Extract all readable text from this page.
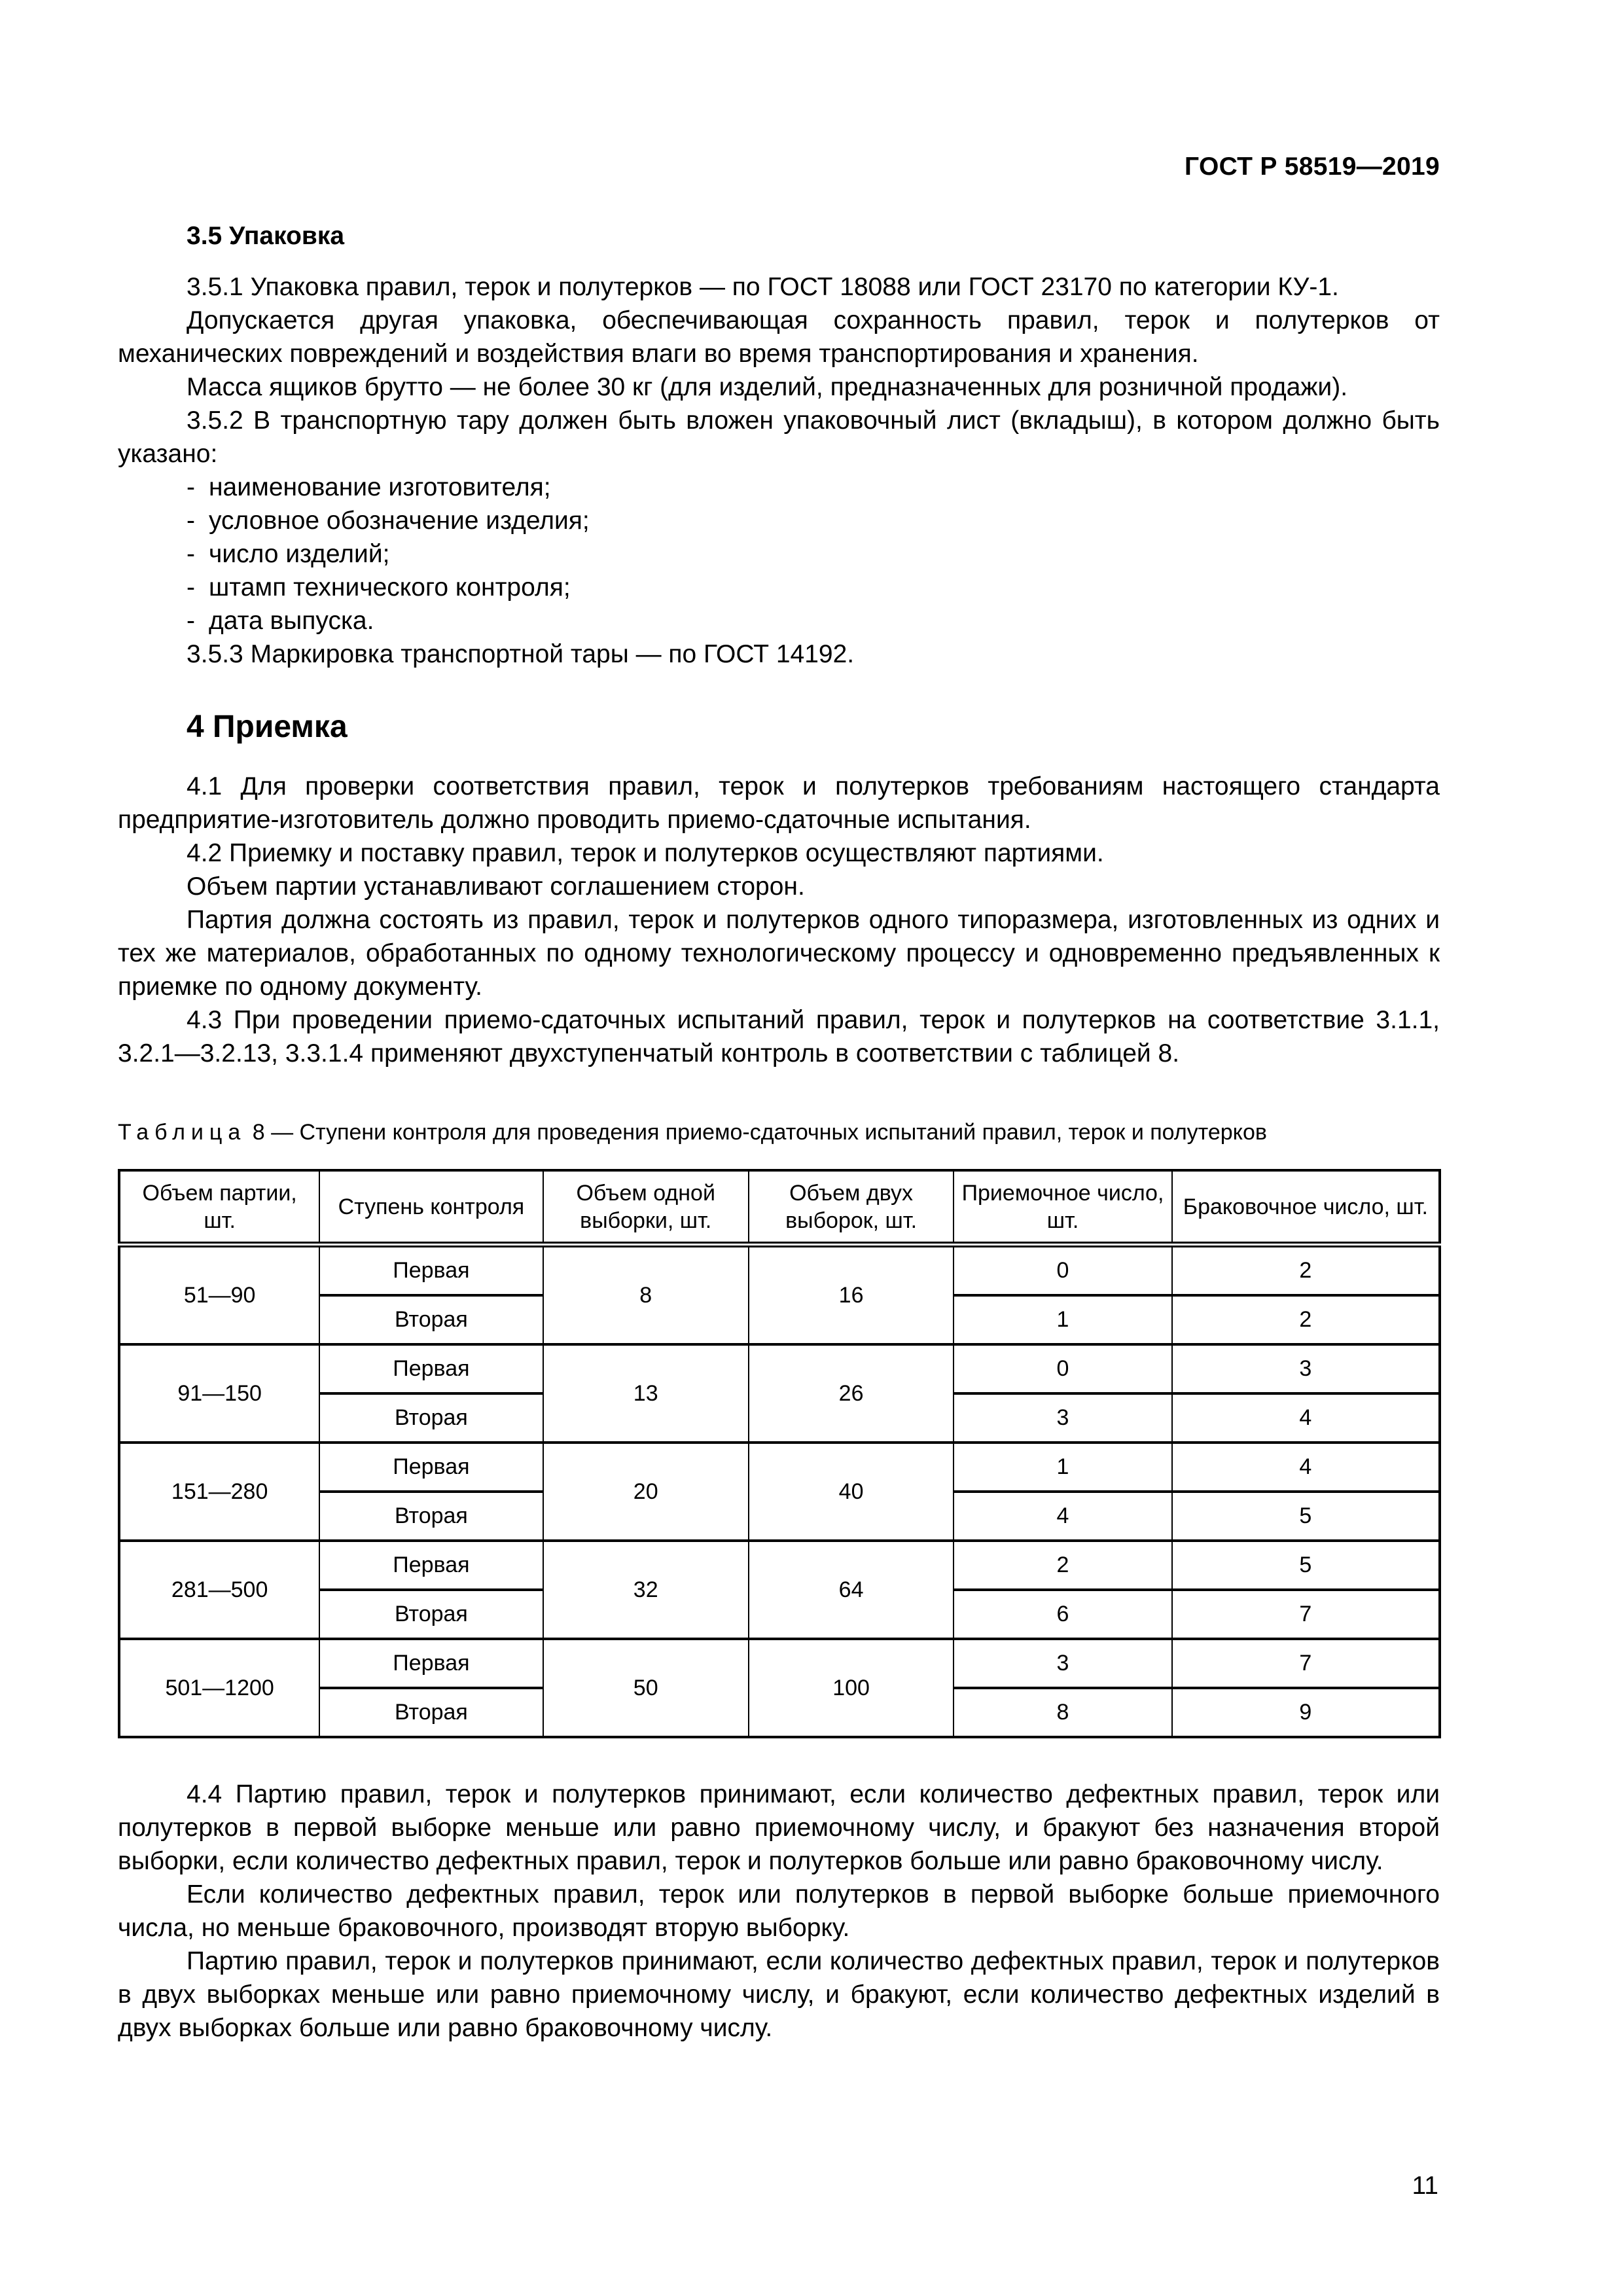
ГОСТ Р 58519—2019
3.5 Упаковка

3.5.1 Упаковка правил, терок и полутерков — по ГОСТ 18088 или ГОСТ 23170 по категории КУ-1.

Допускается другая упаковка, обеспечивающая сохранность правил, терок и полутерков от механических повреждений и воздействия влаги во время транспортирования и хранения.

Масса ящиков брутто — не более 30 кг (для изделий, предназначенных для розничной продажи).

3.5.2 В транспортную тару должен быть вложен упаковочный лист (вкладыш), в котором должно быть указано:

- наименование изготовителя;
- условное обозначение изделия;
- число изделий;
- штамп технического контроля;
- дата выпуска.

3.5.3 Маркировка транспортной тары — по ГОСТ 14192.

4 Приемка

4.1 Для проверки соответствия правил, терок и полутерков требованиям настоящего стандарта предприятие-изготовитель должно проводить приемо-сдаточные испытания.

4.2 Приемку и поставку правил, терок и полутерков осуществляют партиями.

Объем партии устанавливают соглашением сторон.

Партия должна состоять из правил, терок и полутерков одного типоразмера, изготовленных из одних и тех же материалов, обработанных по одному технологическому процессу и одновременно предъявленных к приемке по одному документу.

4.3 При проведении приемо-сдаточных испытаний правил, терок и полутерков на соответствие 3.1.1, 3.2.1—3.2.13, 3.3.1.4 применяют двухступенчатый контроль в соответствии с таблицей 8.

Таблица 8 — Ступени контроля для проведения приемо-сдаточных испытаний правил, терок и полутерков
Объем партии, шт.	Ступень контроля	Объем одной выборки, шт.	Объем двух выборок, шт.	Приемочное число, шт.	Браковочное число, шт.
51—90	Первая	8	16	0	2
	Вторая			1	2
91—150	Первая	13	26	0	3
	Вторая			3	4
151—280	Первая	20	40	1	4
	Вторая			4	5
281—500	Первая	32	64	2	5
	Вторая			6	7
501—1200	Первая	50	100	3	7
	Вторая			8	9

4.4 Партию правил, терок и полутерков принимают, если количество дефектных правил, терок или полутерков в первой выборке меньше или равно приемочному числу, и бракуют без назначения второй выборки, если количество дефектных правил, терок и полутерков больше или равно браковочному числу.

Если количество дефектных правил, терок или полутерков в первой выборке больше приемочного числа, но меньше браковочного, производят вторую выборку.

Партию правил, терок и полутерков принимают, если количество дефектных правил, терок и полутерков в двух выборках меньше или равно приемочному числу, и бракуют, если количество дефектных изделий в двух выборках больше или равно браковочному числу.

11
